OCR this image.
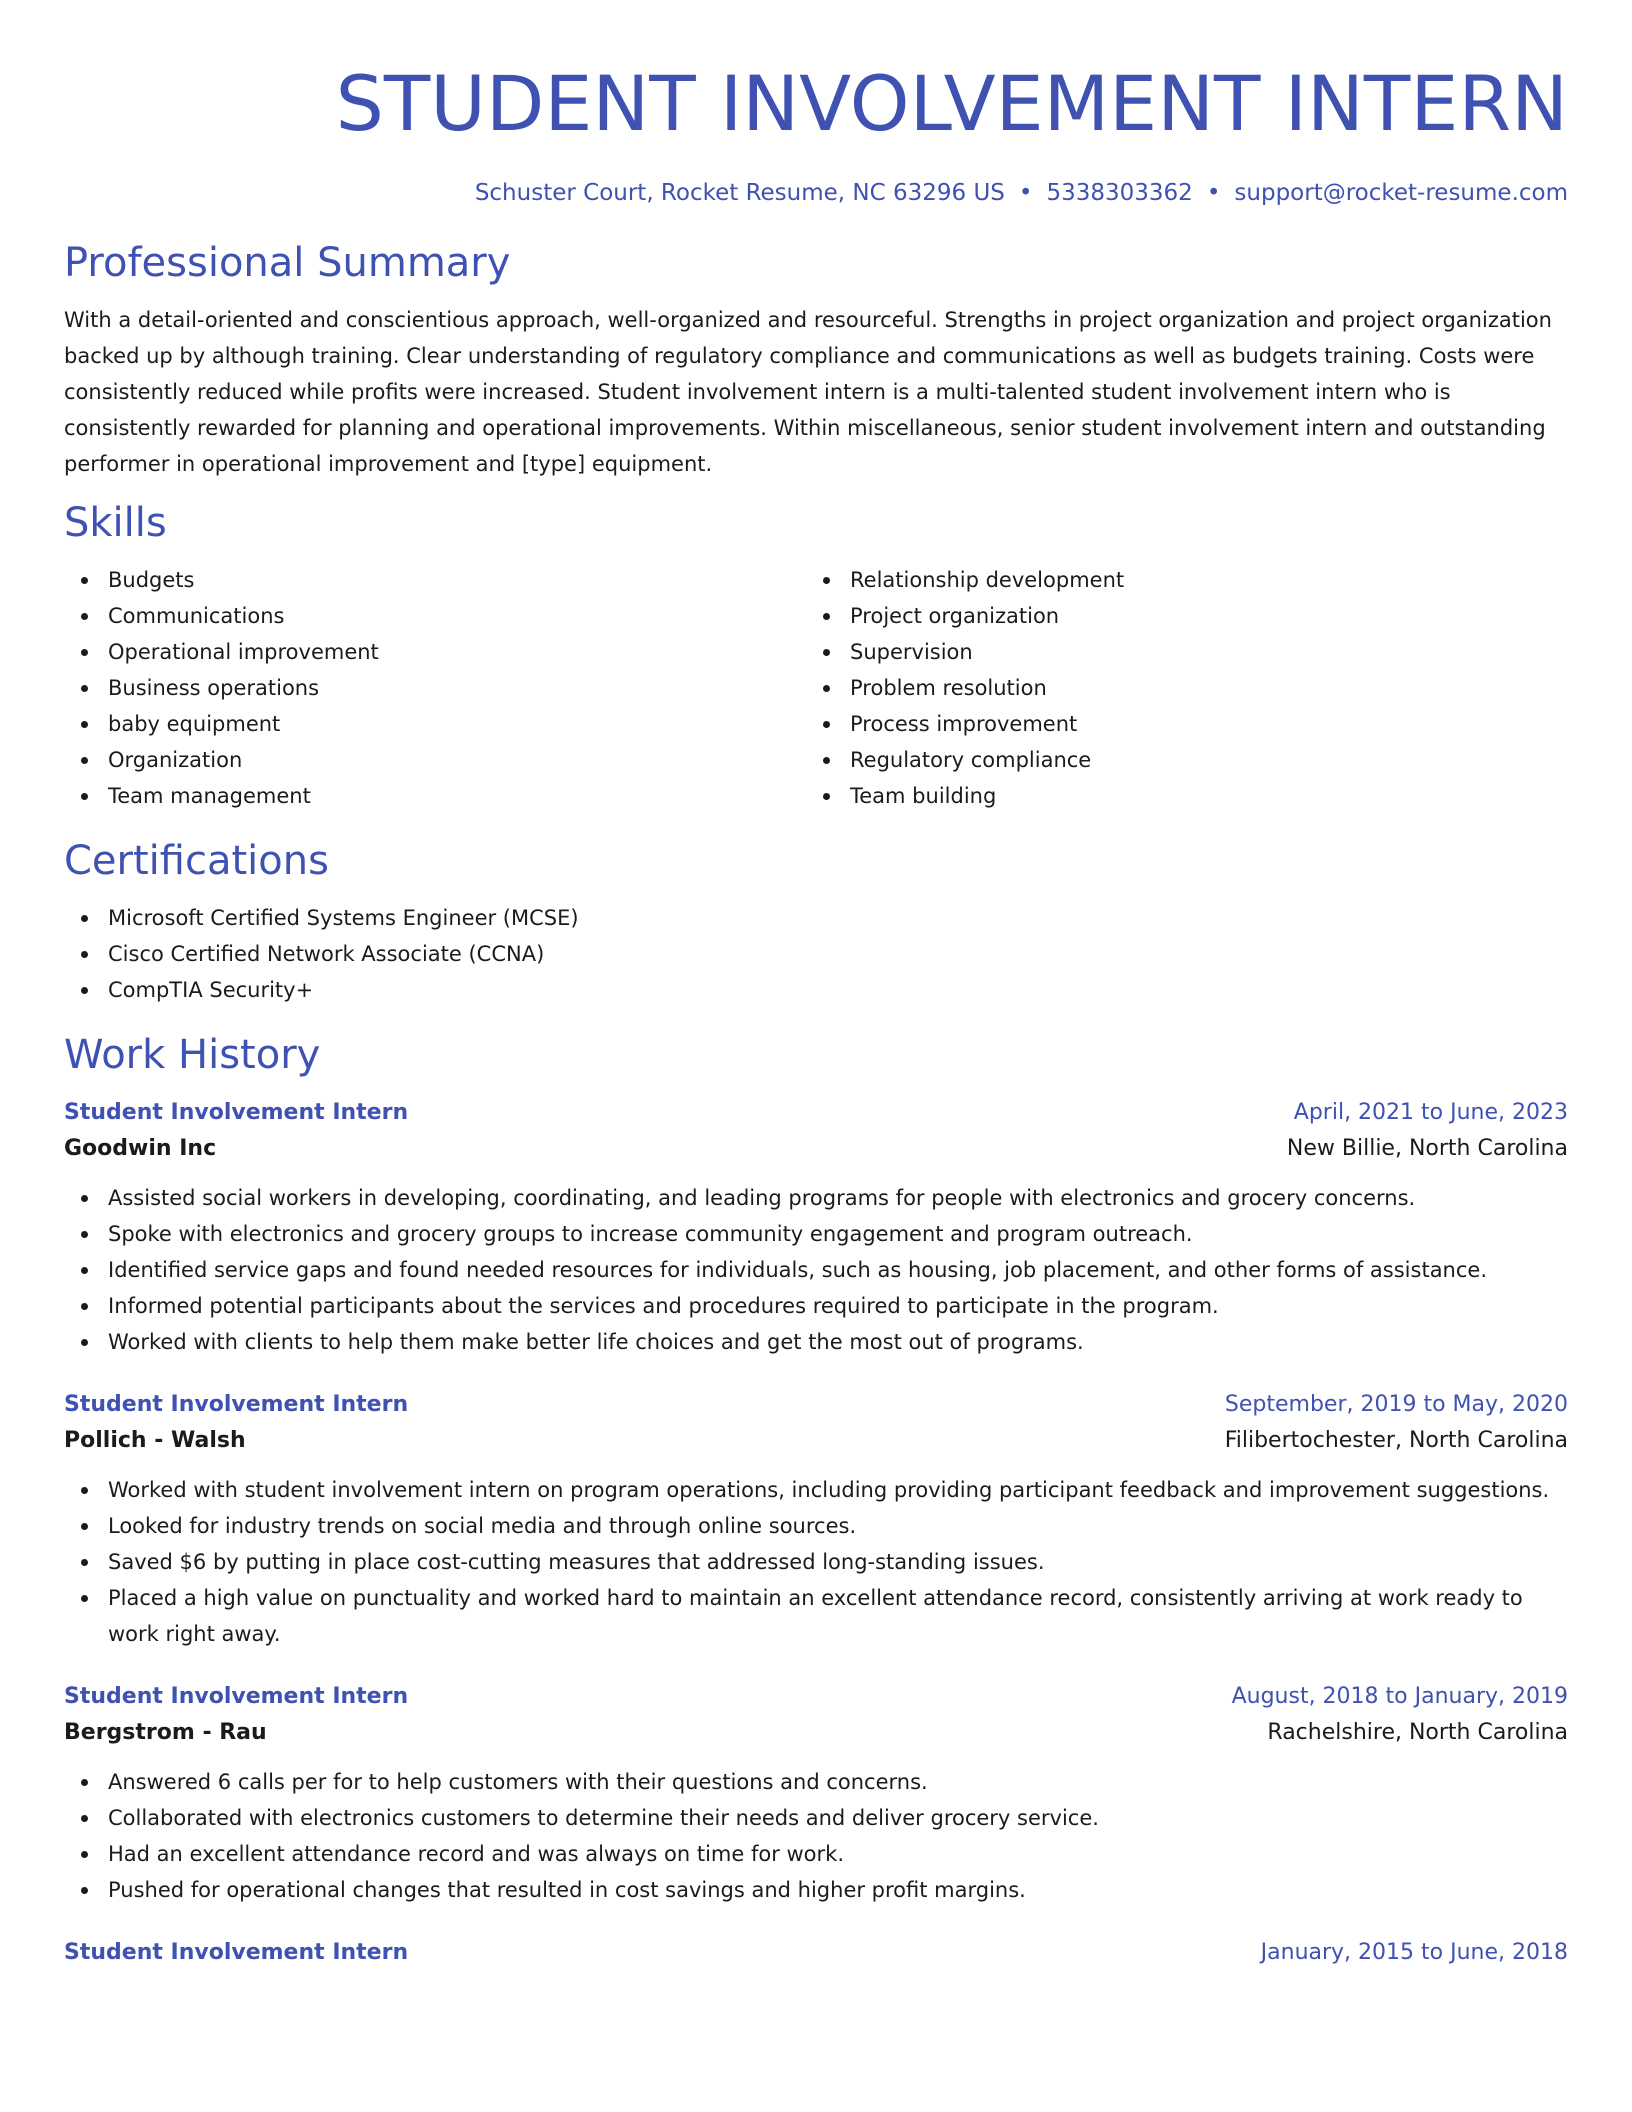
STUDENT INVOLVEMENT INTERN
Schuster Court, Rocket Resume, NC 63296 US • 5338303362 • support@rocket-resume.com
Professional Summary

With a detail-oriented and conscientious approach, well-organized and resourceful. Strengths in project organization and project organization backed up by although training. Clear understanding of regulatory compliance and communications as well as budgets training. Costs were consistently reduced while profits were increased. Student involvement intern is a multi-talented student involvement intern who is consistently rewarded for planning and operational improvements. Within miscellaneous, senior student involvement intern and outstanding performer in operational improvement and [type] equipment.

Skills
Budgets
Communications
Operational improvement
Business operations
baby equipment
Organization
Team management
Relationship development
Project organization
Supervision
Problem resolution
Process improvement
Regulatory compliance
Team building
Certifications
Microsoft Certified Systems Engineer (MCSE)
Cisco Certified Network Associate (CCNA)
CompTIA Security+
Work History
Student Involvement Intern	April, 2021 to June, 2023
Goodwin Inc	New Billie, North Carolina
Assisted social workers in developing, coordinating, and leading programs for people with electronics and grocery concerns.
Spoke with electronics and grocery groups to increase community engagement and program outreach.
Identified service gaps and found needed resources for individuals, such as housing, job placement, and other forms of assistance.
Informed potential participants about the services and procedures required to participate in the program.
Worked with clients to help them make better life choices and get the most out of programs.
Student Involvement Intern	September, 2019 to May, 2020
Pollich - Walsh	Filibertochester, North Carolina
Worked with student involvement intern on program operations, including providing participant feedback and improvement suggestions.
Looked for industry trends on social media and through online sources.
Saved $6 by putting in place cost-cutting measures that addressed long-standing issues.
Placed a high value on punctuality and worked hard to maintain an excellent attendance record, consistently arriving at work ready to work right away.
Student Involvement Intern	August, 2018 to January, 2019
Bergstrom - Rau	Rachelshire, North Carolina
Answered 6 calls per for to help customers with their questions and concerns.
Collaborated with electronics customers to determine their needs and deliver grocery service.
Had an excellent attendance record and was always on time for work.
Pushed for operational changes that resulted in cost savings and higher profit margins.
Student Involvement Intern	January, 2015 to June, 2018
